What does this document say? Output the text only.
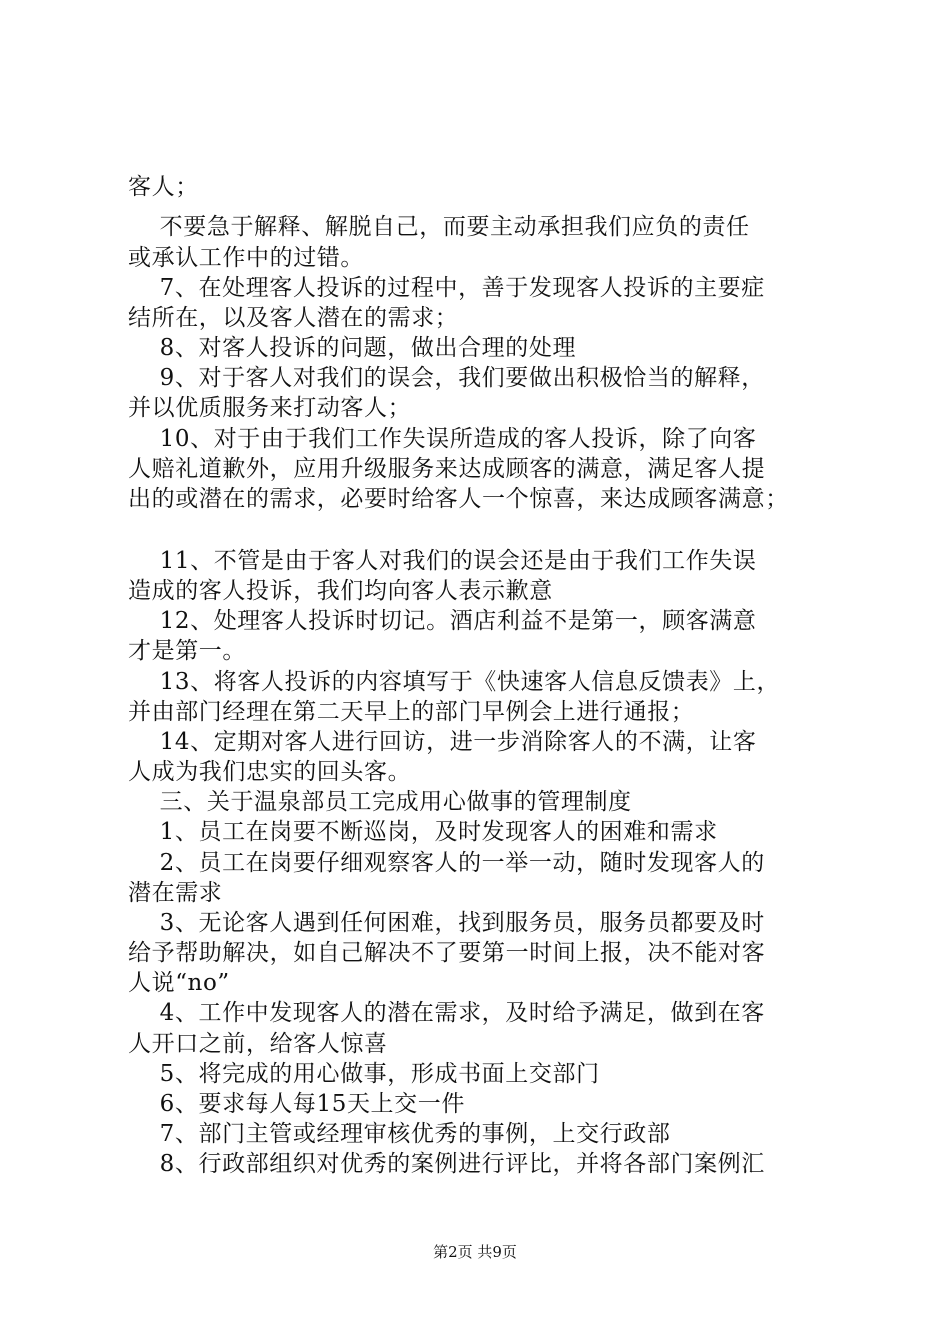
客人；
不要急于解释、解脱自己，而要主动承担我们应负的责任
或承认工作中的过错。
7、在处理客人投诉的过程中，善于发现客人投诉的主要症
结所在，以及客人潜在的需求；
8、对客人投诉的问题，做出合理的处理
9、对于客人对我们的误会，我们要做出积极恰当的解释，
并以优质服务来打动客人；
10、对于由于我们工作失误所造成的客人投诉，除了向客
人赔礼道歉外，应用升级服务来达成顾客的满意，满足客人提
出的或潜在的需求，必要时给客人一个惊喜，来达成顾客满意；
11、不管是由于客人对我们的误会还是由于我们工作失误
造成的客人投诉，我们均向客人表示歉意
12、处理客人投诉时切记。酒店利益不是第一，顾客满意
才是第一。
13、将客人投诉的内容填写于《快速客人信息反馈表》上，
并由部门经理在第二天早上的部门早例会上进行通报；
14、定期对客人进行回访，进一步消除客人的不满，让客
人成为我们忠实的回头客。
三、关于温泉部员工完成用心做事的管理制度
1、员工在岗要不断巡岗，及时发现客人的困难和需求
2、员工在岗要仔细观察客人的一举一动，随时发现客人的
潜在需求
3、无论客人遇到任何困难，找到服务员，服务员都要及时
给予帮助解决，如自己解决不了要第一时间上报，决不能对客
人说“no”
4、工作中发现客人的潜在需求，及时给予满足，做到在客
人开口之前，给客人惊喜
5、将完成的用心做事，形成书面上交部门
6、要求每人每15天上交一件
7、部门主管或经理审核优秀的事例，上交行政部
8、行政部组织对优秀的案例进行评比，并将各部门案例汇
第2页 共9页
